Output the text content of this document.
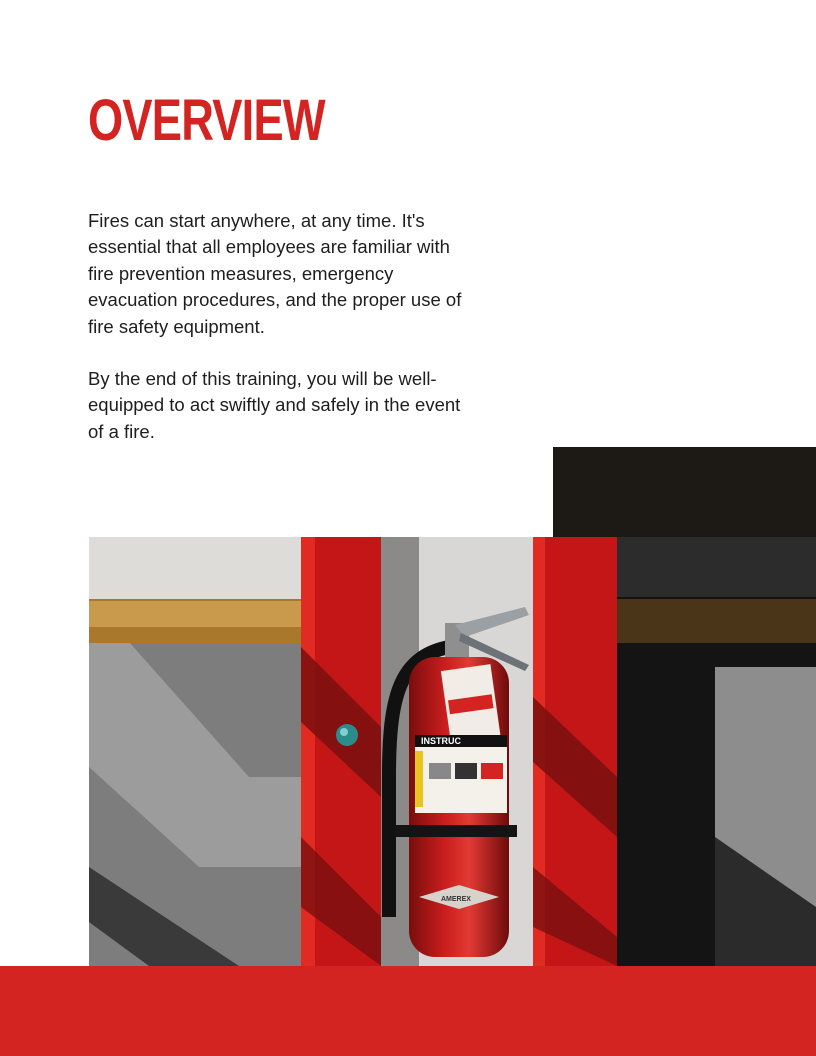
OVERVIEW

Fires can start anywhere, at any time. It's essential that all employees are familiar with fire prevention measures, emergency evacuation procedures, and the proper use of fire safety equipment.

By the end of this training, you will be well-equipped to act swiftly and safely in the event of a fire.

INSTRUC
AMEREX
